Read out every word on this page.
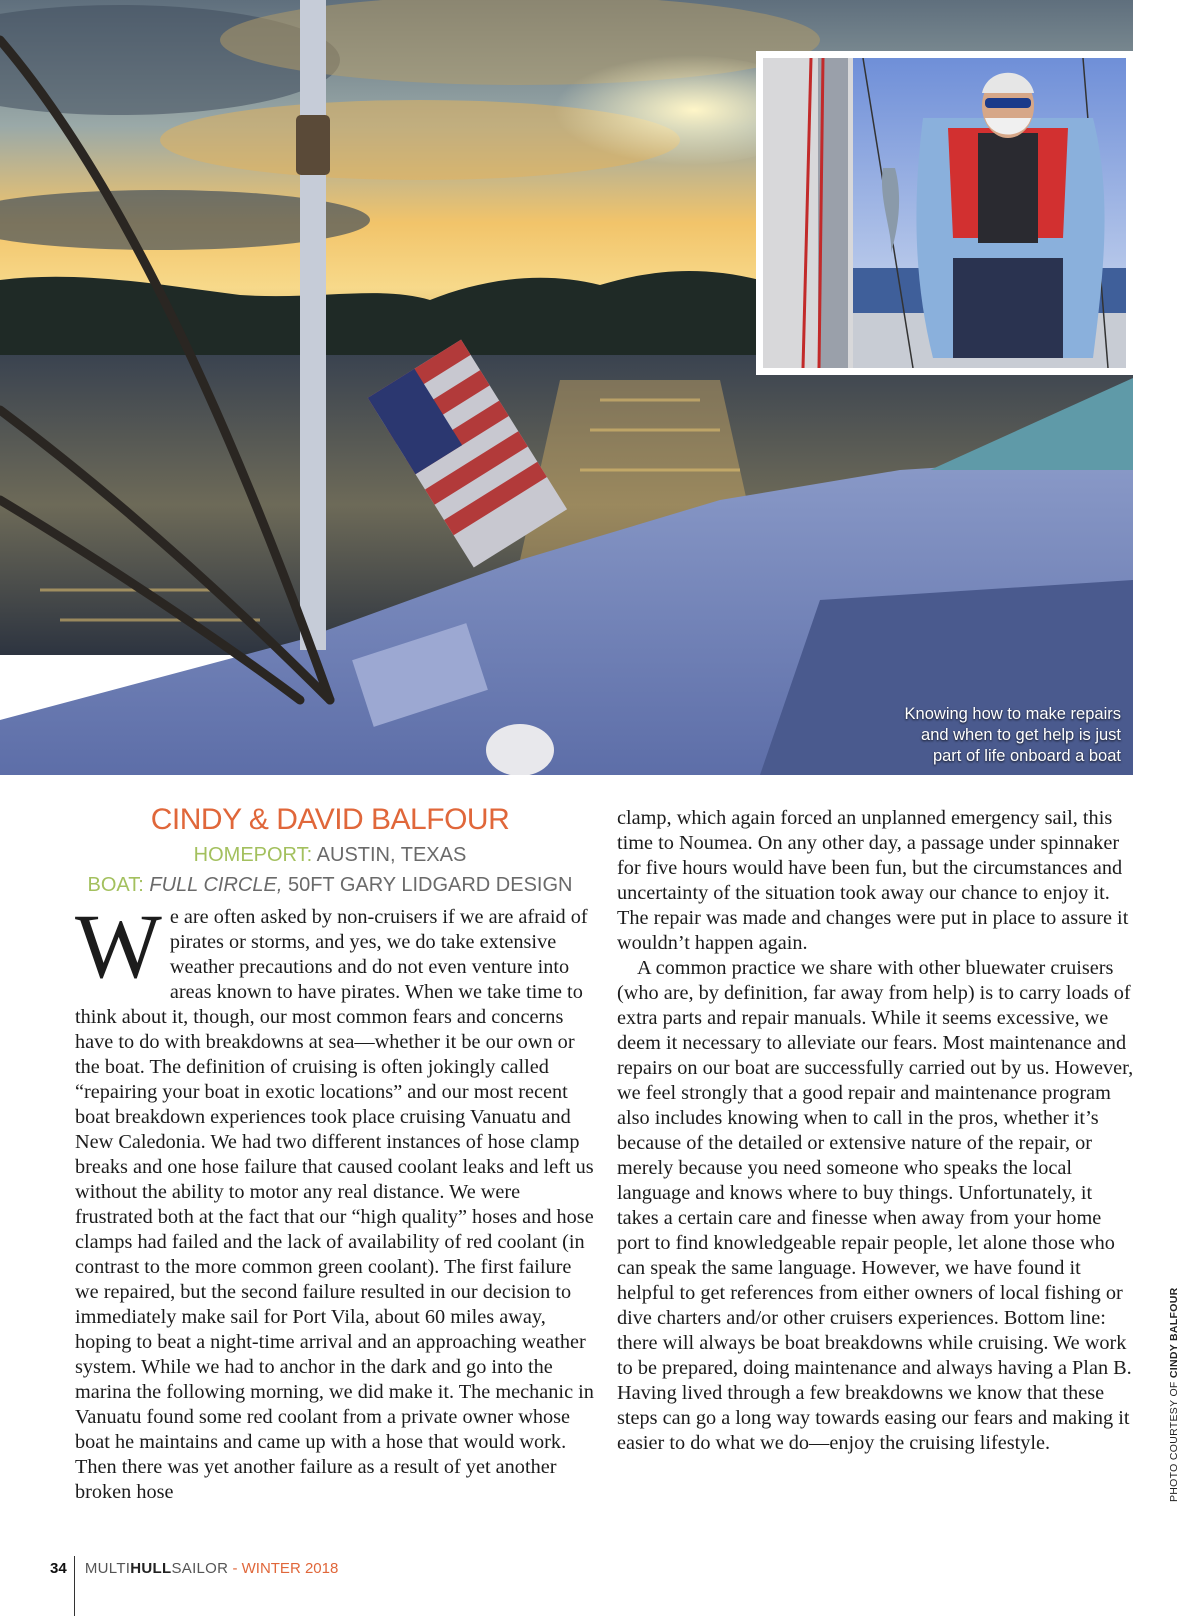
Knowing how to make repairs and when to get help is just part of life onboard a boat
PHOTO COURTESY OF CINDY BALFOUR
CINDY & DAVID BALFOUR
HOMEPORT: AUSTIN, TEXAS
BOAT: FULL CIRCLE, 50FT GARY LIDGARD DESIGN

We are often asked by non-cruisers if we are afraid of pirates or storms, and yes, we do take extensive weather precautions and do not even venture into areas known to have pirates. When we take time to think about it, though, our most common fears and concerns have to do with breakdowns at sea—whether it be our own or the boat. The definition of cruising is often jokingly called “repairing your boat in exotic locations” and our most recent boat breakdown experiences took place cruising Vanuatu and New Caledonia. We had two different instances of hose clamp breaks and one hose failure that caused coolant leaks and left us without the ability to motor any real distance. We were frustrated both at the fact that our “high quality” hoses and hose clamps had failed and the lack of availability of red coolant (in contrast to the more common green coolant). The first failure we repaired, but the second failure resulted in our decision to immediately make sail for Port Vila, about 60 miles away, hoping to beat a night-time arrival and an approaching weather system. While we had to anchor in the dark and go into the marina the following morning, we did make it. The mechanic in Vanuatu found some red coolant from a private owner whose boat he maintains and came up with a hose that would work. Then there was yet another failure as a result of yet another broken hose

clamp, which again forced an unplanned emergency sail, this time to Noumea. On any other day, a passage under spinnaker for five hours would have been fun, but the circumstances and uncertainty of the situation took away our chance to enjoy it. The repair was made and changes were put in place to assure it wouldn’t happen again.

A common practice we share with other bluewater cruisers (who are, by definition, far away from help) is to carry loads of extra parts and repair manuals. While it seems excessive, we deem it necessary to alleviate our fears. Most maintenance and repairs on our boat are successfully carried out by us. However, we feel strongly that a good repair and maintenance program also includes knowing when to call in the pros, whether it’s because of the detailed or extensive nature of the repair, or merely because you need someone who speaks the local language and knows where to buy things. Unfortunately, it takes a certain care and finesse when away from your home port to find knowledgeable repair people, let alone those who can speak the same language. However, we have found it helpful to get references from either owners of local fishing or dive charters and/or other cruisers experiences. Bottom line: there will always be boat breakdowns while cruising. We work to be prepared, doing maintenance and always having a Plan B. Having lived through a few breakdowns we know that these steps can go a long way towards easing our fears and making it easier to do what we do—enjoy the cruising lifestyle.

34 MULTIHULLSAILOR - WINTER 2018
